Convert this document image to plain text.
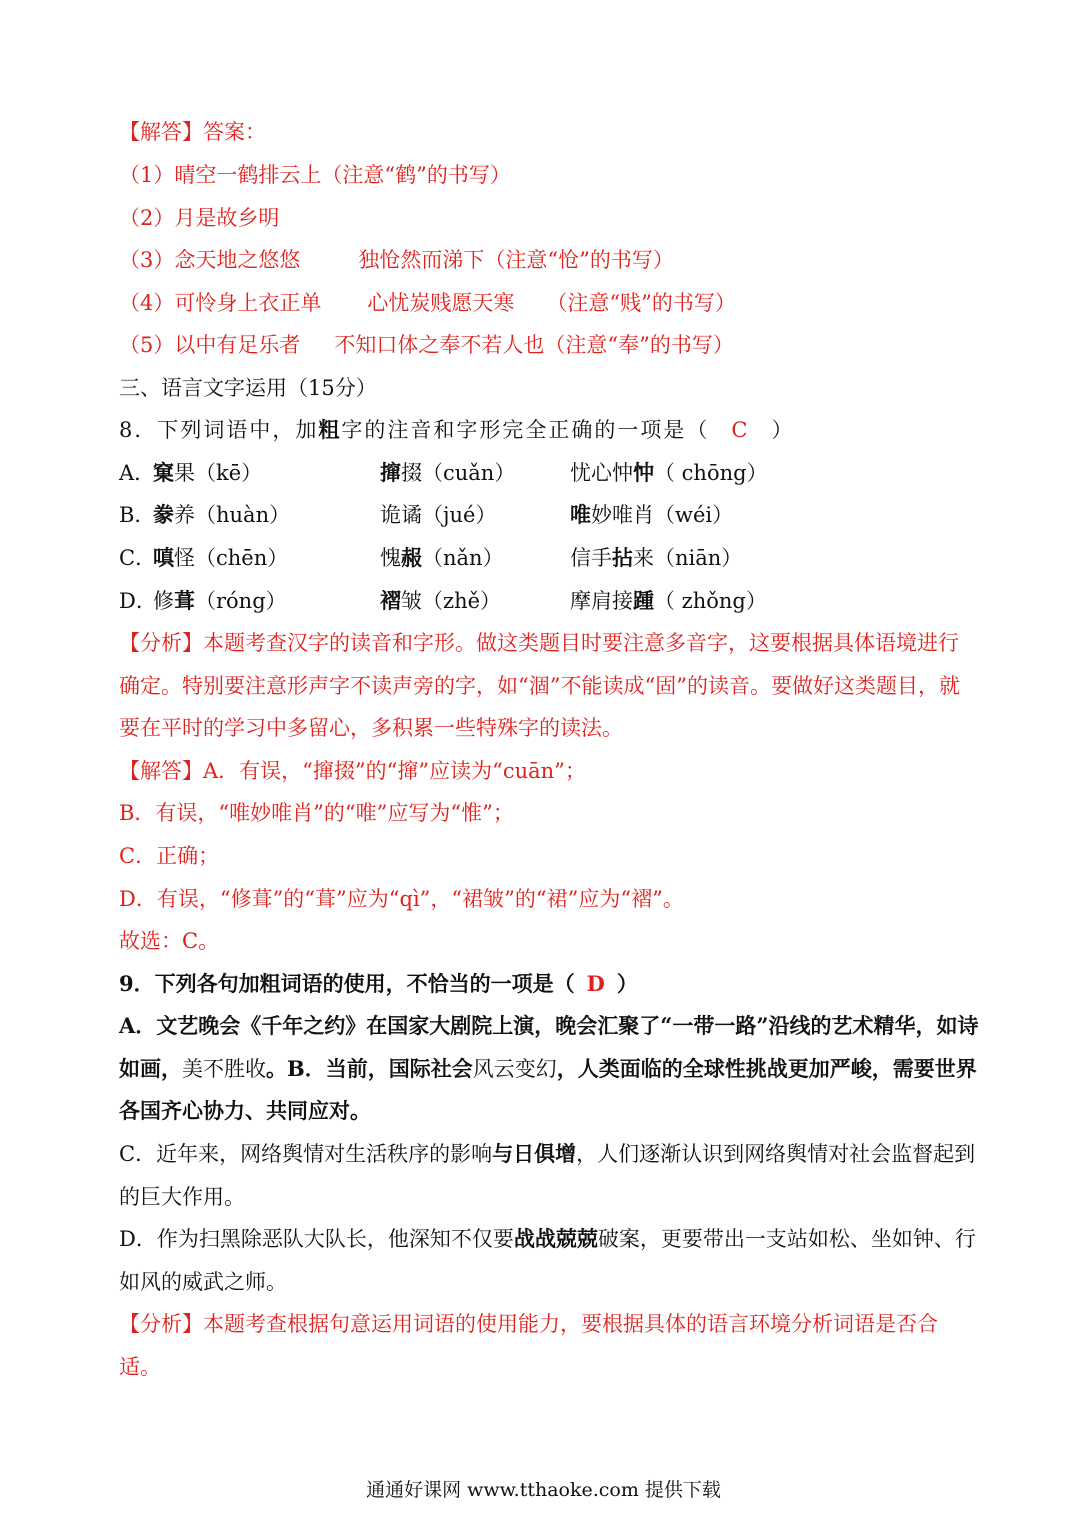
【解答】答案：
（1）晴空一鹤排云上（注意“鹤”的书写）
（2）月是故乡明
（3）念天地之悠悠	独怆然而涕下（注意“怆”的书写）
（4）可怜身上衣正单 心忧炭贱愿天寒 （注意“贱”的书写）
（5）以中有足乐者 不知口体之奉不若人也（注意“奉”的书写）
三、语言文字运用（15分）
8．下列词语中，加粗字的注音和字形完全正确的一项是（ C ）
A．窠果（kē）	撺掇（cuǎn）	忧心忡忡（ chōng）
B．豢养（huàn）	诡谲（jué）	唯妙唯肖（wéi）
C．嗔怪（chēn）	愧赧（nǎn）	信手拈来（niān）
D．修葺（róng）	褶皱（zhě）	摩肩接踵（ zhǒng）
【分析】本题考查汉字的读音和字形。做这类题目时要注意多音字，这要根据具体语境进行确定。特别要注意形声字不读声旁的字，如“涸”不能读成“固”的读音。要做好这类题目，就要在平时的学习中多留心，多积累一些特殊字的读法。
【解答】A．有误，“撺掇”的“撺”应读为“cuān”；
B．有误，“唯妙唯肖”的“唯”应写为“惟”；
C．正确；
D．有误，“修葺”的“葺”应为“qì”，“裙皱”的“裙”应为“褶”。
故选：C。
9．下列各句加粗词语的使用，不恰当的一项是（ D ）
A．文艺晚会《千年之约》在国家大剧院上演，晚会汇聚了“一带一路”沿线的艺术精华，如诗如画，美不胜收。B．当前，国际社会风云变幻，人类面临的全球性挑战更加严峻，需要世界各国齐心协力、共同应对。
C．近年来，网络舆情对生活秩序的影响与日俱增，人们逐渐认识到网络舆情对社会监督起到的巨大作用。
D．作为扫黑除恶队大队长，他深知不仅要战战兢兢破案，更要带出一支站如松、坐如钟、行如风的威武之师。
【分析】本题考查根据句意运用词语的使用能力，要根据具体的语言环境分析词语是否合适。
通通好课网 www.tthaoke.com 提供下载
